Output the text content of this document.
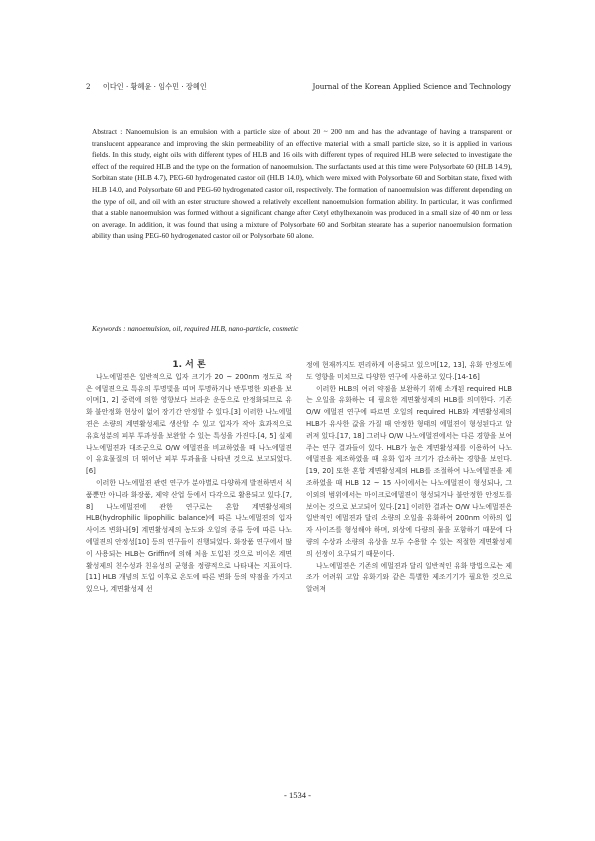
2 이다인 · 황혜윤 · 임수민 · 장혜인	Journal of the Korean Applied Science and Technology
Abstract : Nanoemulsion is an emulsion with a particle size of about 20 ~ 200 nm and has the advantage of having a transparent or translucent appearance and improving the skin permeability of an effective material with a small particle size, so it is applied in various fields. In this study, eight oils with different types of HLB and 16 oils with different types of required HLB were selected to investigate the effect of the required HLB and the type on the formation of nanoemulsion. The surfactants used at this time were Polysorbate 60 (HLB 14.9), Sorbitan state (HLB 4.7), PEG-60 hydrogenated castor oil (HLB 14.0), which were mixed with Polysorbate 60 and Sorbitan state, fixed with HLB 14.0, and Polysorbate 60 and PEG-60 hydrogenated castor oil, respectively. The formation of nanoemulsion was different depending on the type of oil, and oil with an ester structure showed a relatively excellent nanoemulsion formation ability. In particular, it was confirmed that a stable nanoemulsion was formed without a significant change after Cetyl ethylhexanoin was produced in a small size of 40 nm or less on average. In addition, it was found that using a mixture of Polysorbate 60 and Sorbitan stearate has a superior nanoemulsion formation ability than using PEG-60 hydrogenated castor oil or Polysorbate 60 alone.
Keywords : nanoemulsion, oil, required HLB, nano-particle, cosmetic

1. 서 론

나노에멀젼은 일반적으로 입자 크기가 20 ~ 200nm 정도로 작은 에멀젼으로 특유의 투명빛을 띠며 투명하거나 반투명한 외관을 보이며[1, 2] 중력에 의한 영향보다 브라운 운동으로 안정화되므로 유화 불안정화 현상이 없어 장기간 안정할 수 있다.[3] 이러한 나노에멀젼은 소량의 계면활성제로 생산할 수 있고 입자가 작아 효과적으로 유효성분의 피부 투과성을 보완할 수 있는 특성을 가진다.[4, 5] 실제 나노에멀젼과 대조군으로 O/W 에멀젼을 비교하였을 때 나노에멀젼이 유효물질의 더 뛰어난 피부 투과율을 나타낸 것으로 보고되었다.[6]

이러한 나노에멀젼 관련 연구가 분야별로 다양하게 발전하면서 식품뿐만 아니라 화장품, 제약 산업 등에서 다각으로 활용되고 있다.[7, 8] 나노에멀젼에 관한 연구로는 혼합 계면활성제의 HLB(hydrophilic lipophilic balance)에 따른 나노에멀젼의 입자 사이즈 변화나[9] 계면활성제의 농도와 오일의 종류 등에 따른 나노에멀젼의 안정성[10] 등의 연구들이 진행되었다. 화장품 연구에서 많이 사용되는 HLB는 Griffin에 의해 처음 도입된 것으로 비이온 계면활성제의 친수성과 친유성의 균형을 정량적으로 나타내는 지표이다.[11] HLB 개념의 도입 이후로 온도에 따른 변화 등의 약점을 가지고 있으나, 계면활성제 선

정에 현재까지도 편리하게 이용되고 있으며[12, 13], 유화 안정도에도 영향을 미치므로 다양한 연구에 사용하고 있다.[14-16]

이러한 HLB의 여러 약점을 보완하기 위해 소개된 required HLB는 오일을 유화하는 데 필요한 계면활성제의 HLB를 의미한다. 기존 O/W 에멀젼 연구에 따르면 오일의 required HLB와 계면활성제의 HLB가 유사한 값을 가질 때 안정한 형태의 에멀젼이 형성된다고 알려져 있다.[17, 18] 그러나 O/W 나노에멀젼에서는 다른 경향을 보여주는 연구 결과들이 있다. HLB가 높은 계면활성제를 이용하여 나노에멀젼을 제조하였을 때 유화 입자 크기가 감소하는 경향을 보인다.[19, 20] 또한 혼합 계면활성제의 HLB를 조절하여 나노에멀젼을 제조하였을 때 HLB 12 ~ 15 사이에서는 나노에멀젼이 형성되나, 그 이외의 범위에서는 마이크로에멀젼이 형성되거나 불안정한 안정도를 보이는 것으로 보고되어 있다.[21] 이러한 결과는 O/W 나노에멀젼은 일반적인 에멀젼과 달리 소량의 오일을 유화하여 200nm 이하의 입자 사이즈를 형성해야 하며, 외상에 다량의 물을 포함하기 때문에 다량의 수상과 소량의 유상을 모두 수용할 수 있는 적절한 계면활성제의 선정이 요구되기 때문이다.

나노에멀젼은 기존의 에멀젼과 달리 일반적인 유화 방법으로는 제조가 어려워 고압 유화기와 같은 특별한 제조기기가 필요한 것으로 알려져

- 1534 -
